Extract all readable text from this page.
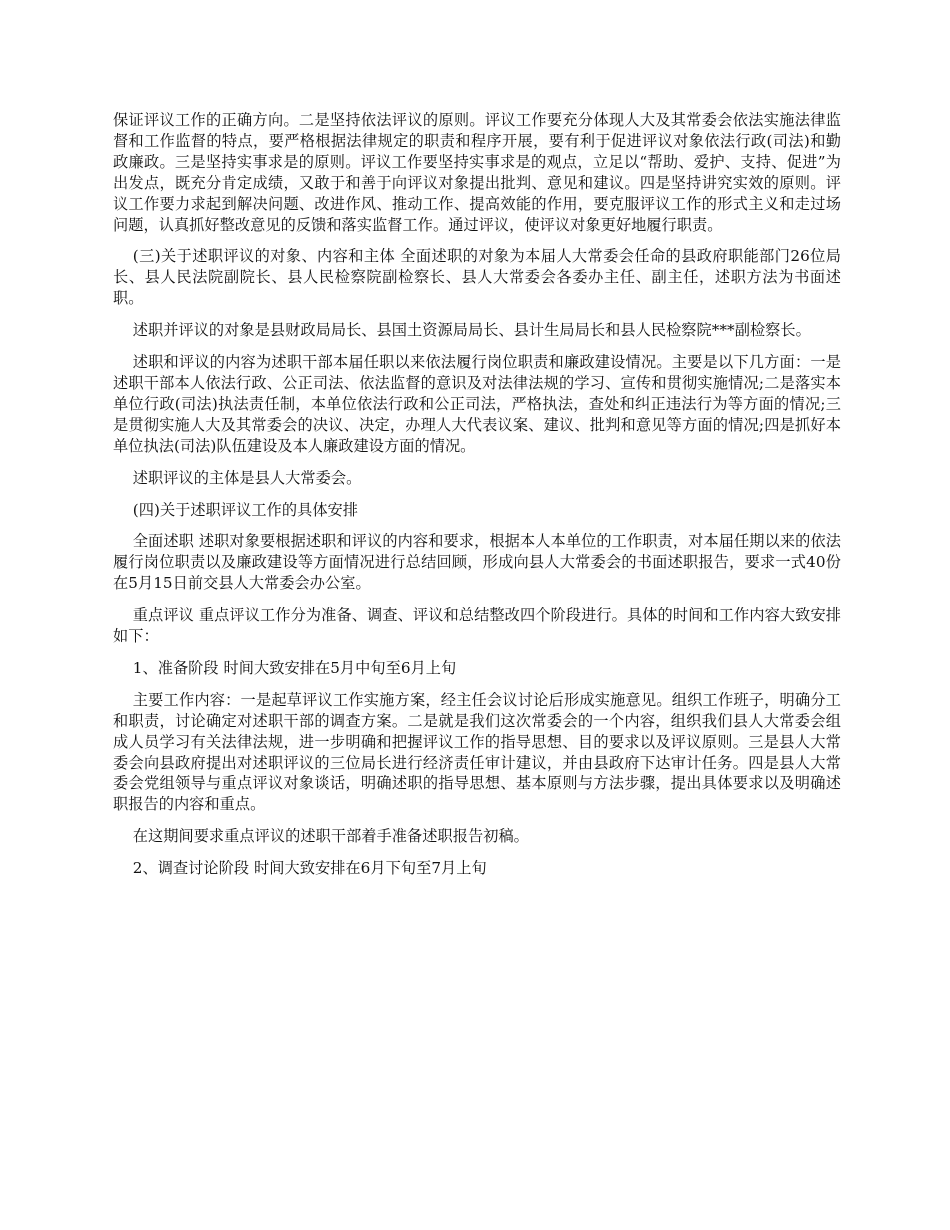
保证评议工作的正确方向。二是坚持依法评议的原则。评议工作要充分体现人大及其常委会依法实施法律监督和工作监督的特点，要严格根据法律规定的职责和程序开展，要有利于促进评议对象依法行政(司法)和勤政廉政。三是坚持实事求是的原则。评议工作要坚持实事求是的观点，立足以“帮助、爱护、支持、促进”为出发点，既充分肯定成绩，又敢于和善于向评议对象提出批判、意见和建议。四是坚持讲究实效的原则。评议工作要力求起到解决问题、改进作风、推动工作、提高效能的作用，要克服评议工作的形式主义和走过场问题，认真抓好整改意见的反馈和落实监督工作。通过评议，使评议对象更好地履行职责。

(三)关于述职评议的对象、内容和主体 全面述职的对象为本届人大常委会任命的县政府职能部门26位局长、县人民法院副院长、县人民检察院副检察长、县人大常委会各委办主任、副主任，述职方法为书面述职。

述职并评议的对象是县财政局局长、县国土资源局局长、县计生局局长和县人民检察院***副检察长。

述职和评议的内容为述职干部本届任职以来依法履行岗位职责和廉政建设情况。主要是以下几方面：一是述职干部本人依法行政、公正司法、依法监督的意识及对法律法规的学习、宣传和贯彻实施情况;二是落实本单位行政(司法)执法责任制，本单位依法行政和公正司法，严格执法，查处和纠正违法行为等方面的情况;三是贯彻实施人大及其常委会的决议、决定，办理人大代表议案、建议、批判和意见等方面的情况;四是抓好本单位执法(司法)队伍建设及本人廉政建设方面的情况。

述职评议的主体是县人大常委会。

(四)关于述职评议工作的具体安排

全面述职 述职对象要根据述职和评议的内容和要求，根据本人本单位的工作职责，对本届任期以来的依法履行岗位职责以及廉政建设等方面情况进行总结回顾，形成向县人大常委会的书面述职报告，要求一式40份在5月15日前交县人大常委会办公室。

重点评议 重点评议工作分为准备、调查、评议和总结整改四个阶段进行。具体的时间和工作内容大致安排如下：

1、准备阶段 时间大致安排在5月中旬至6月上旬

主要工作内容：一是起草评议工作实施方案，经主任会议讨论后形成实施意见。组织工作班子，明确分工和职责，讨论确定对述职干部的调查方案。二是就是我们这次常委会的一个内容，组织我们县人大常委会组成人员学习有关法律法规，进一步明确和把握评议工作的指导思想、目的要求以及评议原则。三是县人大常委会向县政府提出对述职评议的三位局长进行经济责任审计建议，并由县政府下达审计任务。四是县人大常委会党组领导与重点评议对象谈话，明确述职的指导思想、基本原则与方法步骤，提出具体要求以及明确述职报告的内容和重点。

在这期间要求重点评议的述职干部着手准备述职报告初稿。

2、调查讨论阶段 时间大致安排在6月下旬至7月上旬
